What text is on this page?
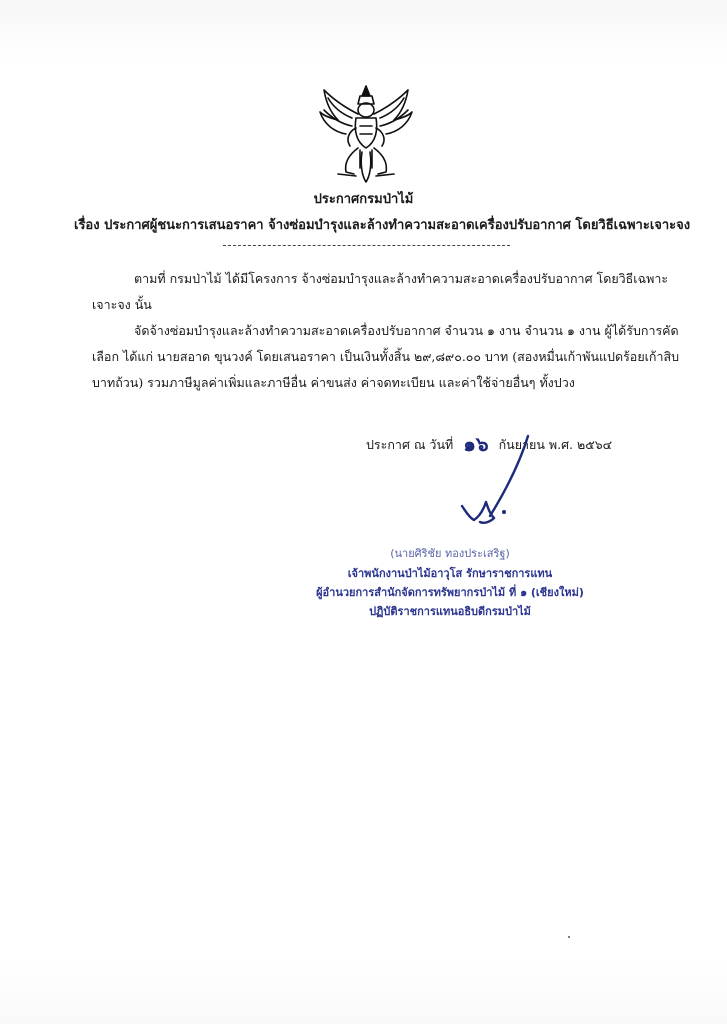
ประกาศกรมป่าไม้
เรื่อง ประกาศผู้ชนะการเสนอราคา จ้างซ่อมบำรุงและล้างทำความสะอาดเครื่องปรับอากาศ โดยวิธีเฉพาะเจาะจง
ตามที่ กรมป่าไม้ ได้มีโครงการ จ้างซ่อมบำรุงและล้างทำความสะอาดเครื่องปรับอากาศ โดยวิธีเฉพาะเจาะจง นั้น
จัดจ้างซ่อมบำรุงและล้างทำความสะอาดเครื่องปรับอากาศ จำนวน ๑ งาน จำนวน ๑ งาน ผู้ได้รับการคัดเลือก ได้แก่ นายสอาด ขุนวงค์ โดยเสนอราคา เป็นเงินทั้งสิ้น ๒๙,๘๙๐.๐๐ บาท (สองหมื่นเก้าพันแปดร้อยเก้าสิบบาทถ้วน) รวมภาษีมูลค่าเพิ่มและภาษีอื่น ค่าขนส่ง ค่าจดทะเบียน และค่าใช้จ่ายอื่นๆ ทั้งปวง
ประกาศ ณ วันที่ ๑๖ กันยายน พ.ศ. ๒๕๖๔
(นายศิริชัย ทองประเสริฐ)
เจ้าพนักงานป่าไม้อาวุโส รักษาราชการแทน
ผู้อำนวยการสำนักจัดการทรัพยากรป่าไม้ ที่ ๑ (เชียงใหม่)
ปฏิบัติราชการแทนอธิบดีกรมป่าไม้
